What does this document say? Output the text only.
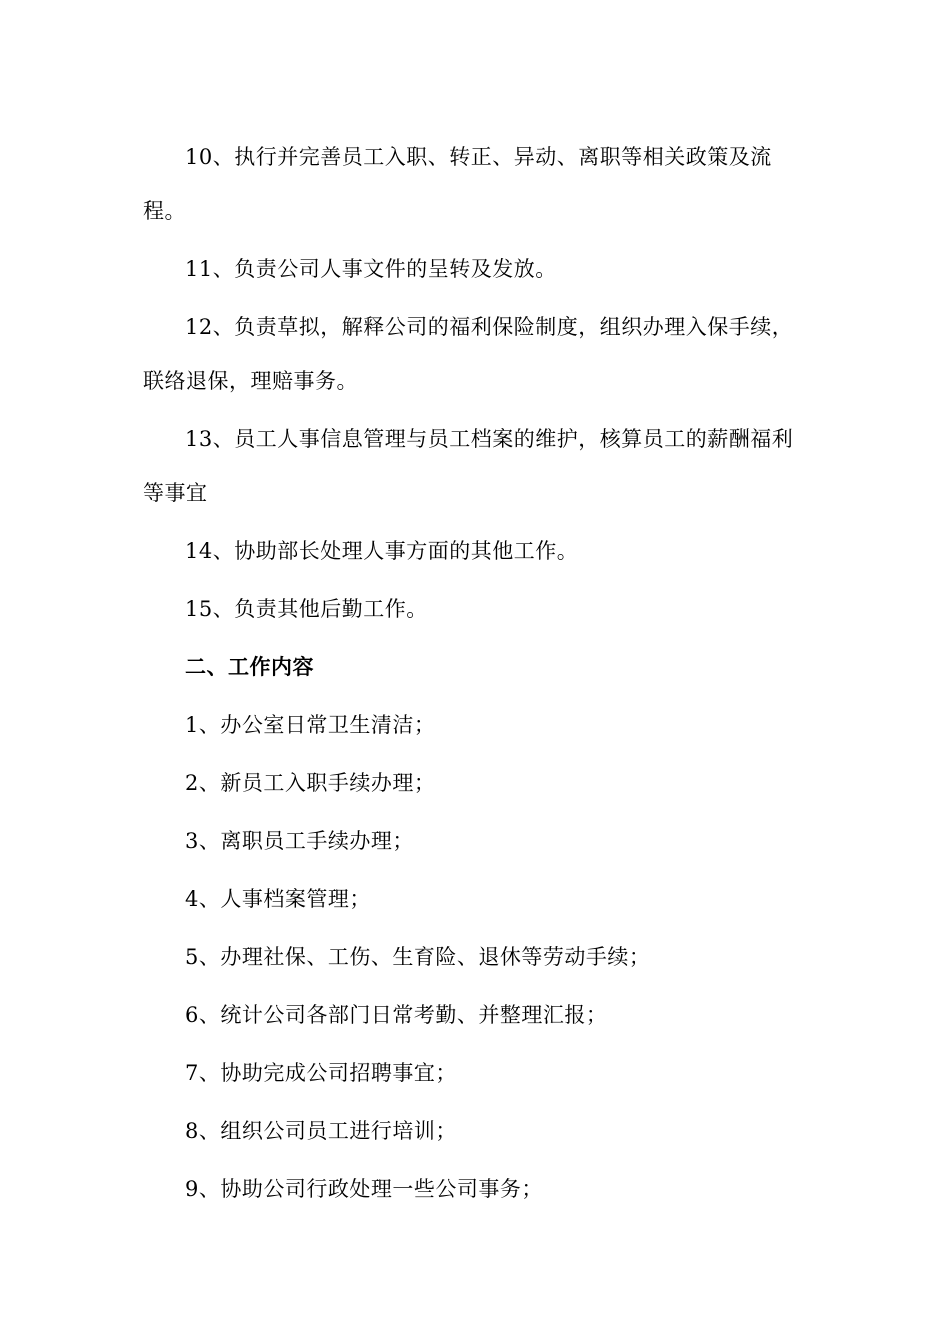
10、执行并完善员工入职、转正、异动、离职等相关政策及流程。

11、负责公司人事文件的呈转及发放。

12、负责草拟，解释公司的福利保险制度，组织办理入保手续，联络退保，理赔事务。

13、员工人事信息管理与员工档案的维护，核算员工的薪酬福利等事宜

14、协助部长处理人事方面的其他工作。

15、负责其他后勤工作。

二、工作内容

1、办公室日常卫生清洁；

2、新员工入职手续办理；

3、离职员工手续办理；

4、人事档案管理；

5、办理社保、工伤、生育险、退休等劳动手续；

6、统计公司各部门日常考勤、并整理汇报；

7、协助完成公司招聘事宜；

8、组织公司员工进行培训；

9、协助公司行政处理一些公司事务；
